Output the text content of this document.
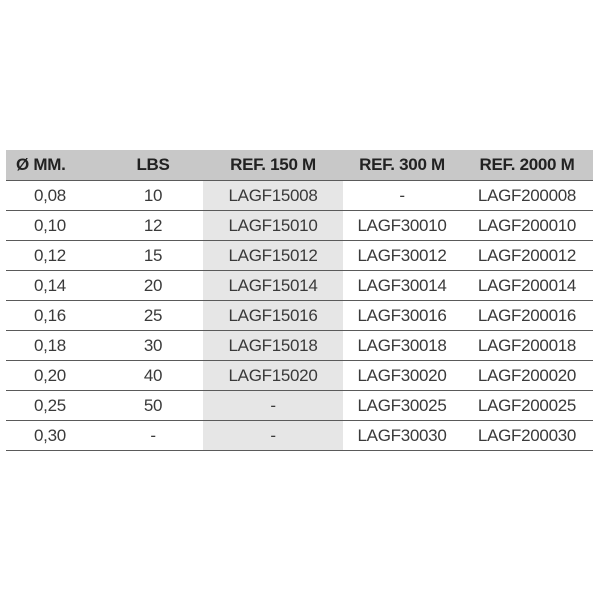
Ø MM.	LBS	REF. 150 M	REF. 300 M	REF. 2000 M
0,08	10	LAGF15008	-	LAGF200008
0,10	12	LAGF15010	LAGF30010	LAGF200010
0,12	15	LAGF15012	LAGF30012	LAGF200012
0,14	20	LAGF15014	LAGF30014	LAGF200014
0,16	25	LAGF15016	LAGF30016	LAGF200016
0,18	30	LAGF15018	LAGF30018	LAGF200018
0,20	40	LAGF15020	LAGF30020	LAGF200020
0,25	50	-	LAGF30025	LAGF200025
0,30	-	-	LAGF30030	LAGF200030
